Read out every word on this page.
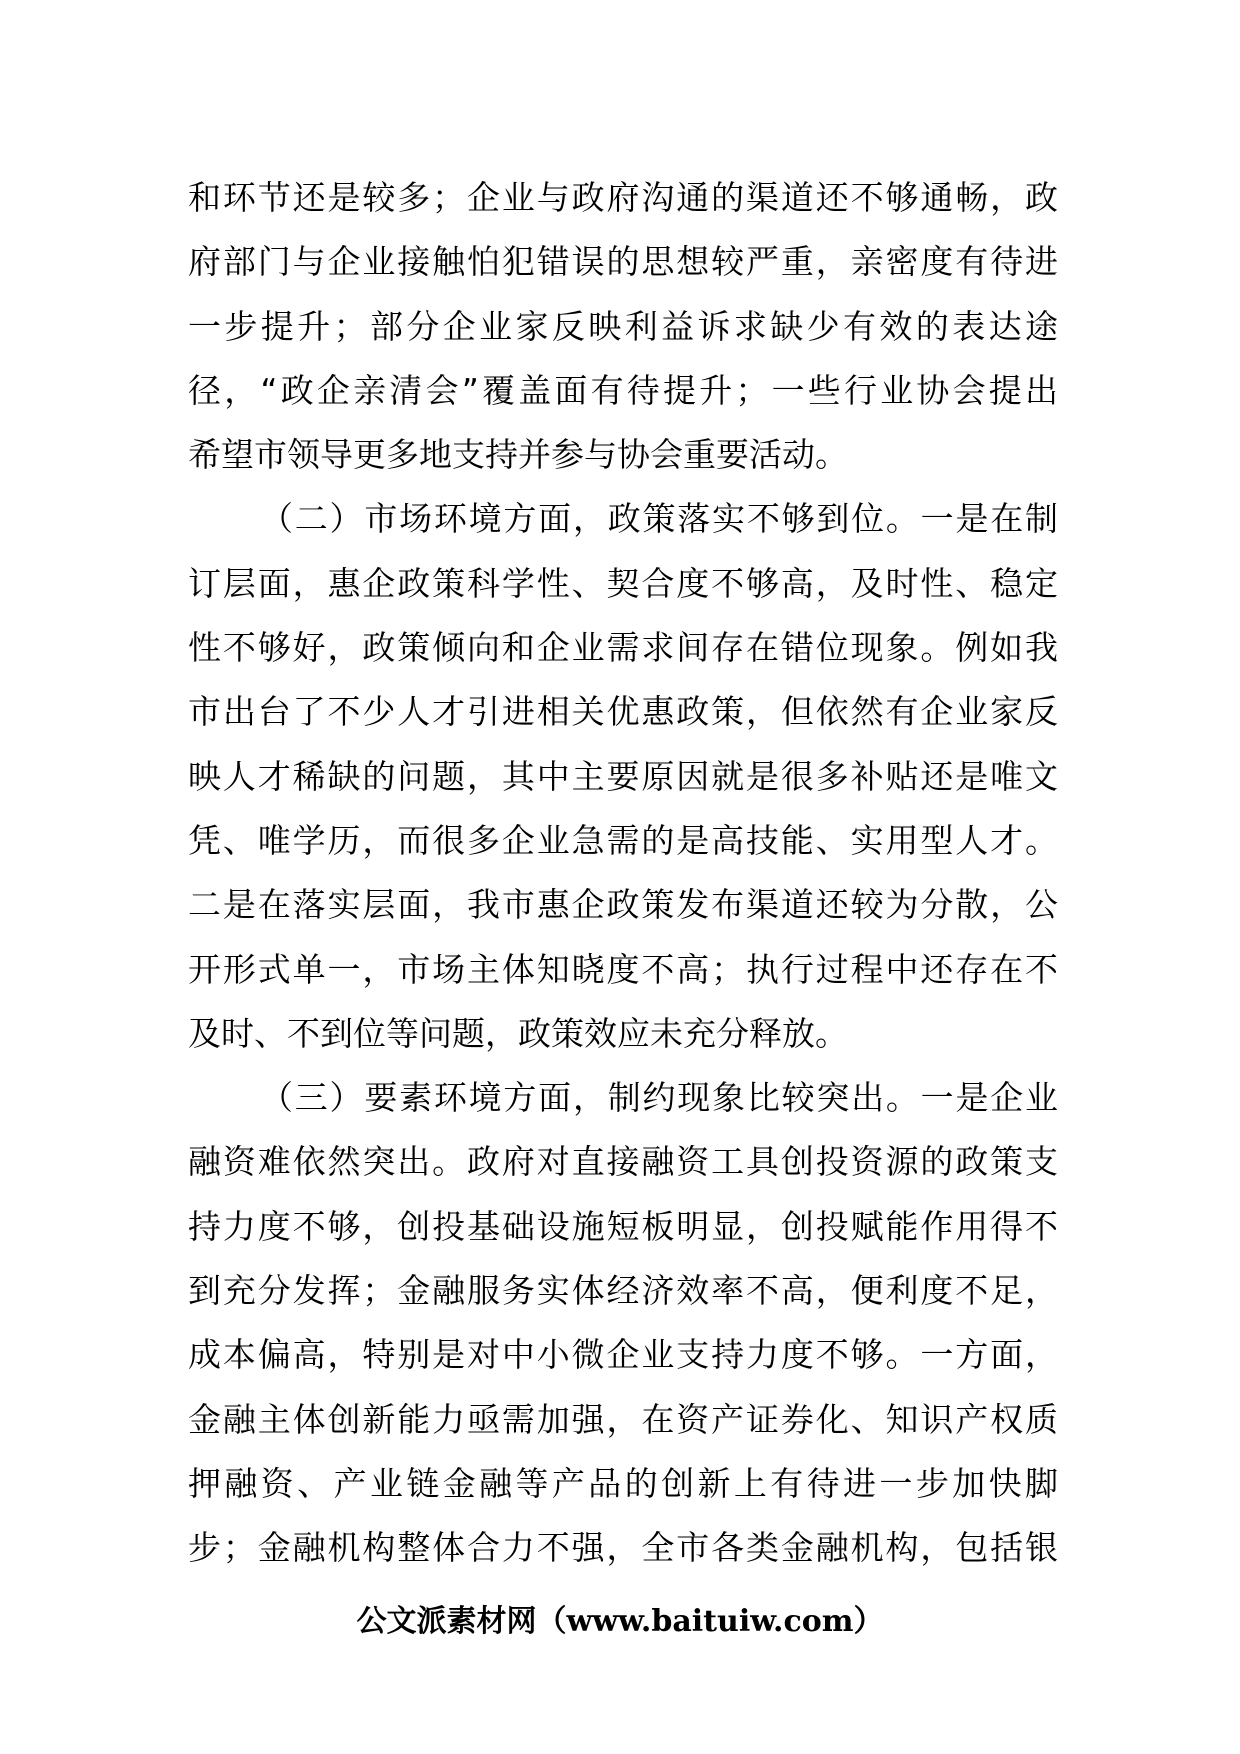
和环节还是较多；企业与政府沟通的渠道还不够通畅，政
府部门与企业接触怕犯错误的思想较严重，亲密度有待进
一步提升；部分企业家反映利益诉求缺少有效的表达途
径，“政企亲清会”覆盖面有待提升；一些行业协会提出
希望市领导更多地支持并参与协会重要活动。
（二）市场环境方面，政策落实不够到位。一是在制
订层面，惠企政策科学性、契合度不够高，及时性、稳定
性不够好，政策倾向和企业需求间存在错位现象。例如我
市出台了不少人才引进相关优惠政策，但依然有企业家反
映人才稀缺的问题，其中主要原因就是很多补贴还是唯文
凭、唯学历，而很多企业急需的是高技能、实用型人才。
二是在落实层面，我市惠企政策发布渠道还较为分散，公
开形式单一，市场主体知晓度不高；执行过程中还存在不
及时、不到位等问题，政策效应未充分释放。
（三）要素环境方面，制约现象比较突出。一是企业
融资难依然突出。政府对直接融资工具创投资源的政策支
持力度不够，创投基础设施短板明显，创投赋能作用得不
到充分发挥；金融服务实体经济效率不高，便利度不足，
成本偏高，特别是对中小微企业支持力度不够。一方面，
金融主体创新能力亟需加强，在资产证券化、知识产权质
押融资、产业链金融等产品的创新上有待进一步加快脚
步；金融机构整体合力不强，全市各类金融机构，包括银
公文派素材网（www.baitui​w.com）
